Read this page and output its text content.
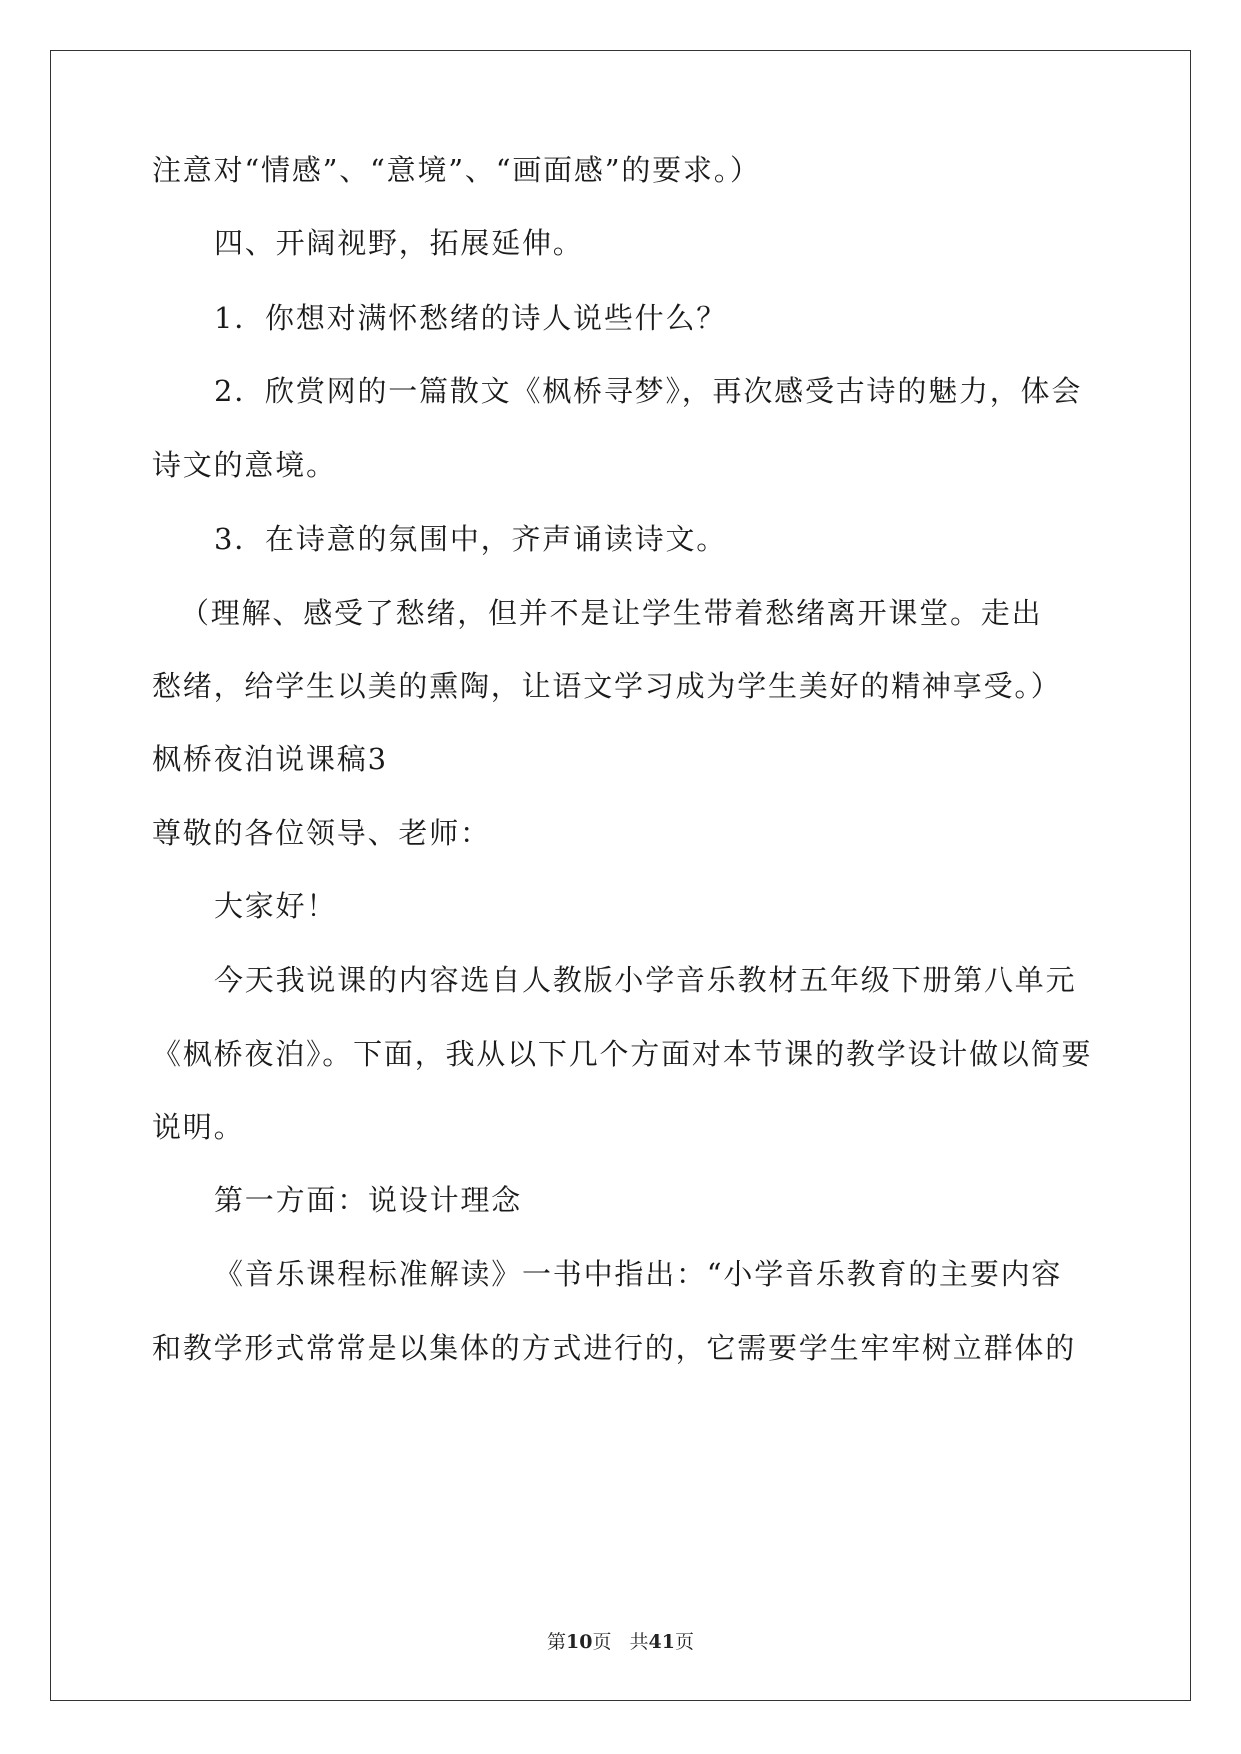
注意对“情感”、“意境”、“画面感”的要求。）
四、开阔视野，拓展延伸。
1．你想对满怀愁绪的诗人说些什么？
2．欣赏网的一篇散文《枫桥寻梦》，再次感受古诗的魅力，体会
诗文的意境。
3．在诗意的氛围中，齐声诵读诗文。
（理解、感受了愁绪，但并不是让学生带着愁绪离开课堂。走出
愁绪，给学生以美的熏陶，让语文学习成为学生美好的精神享受。）
枫桥夜泊说课稿3
尊敬的各位领导、老师：
大家好！
今天我说课的内容选自人教版小学音乐教材五年级下册第八单元
《枫桥夜泊》。下面，我从以下几个方面对本节课的教学设计做以简要
说明。
第一方面：说设计理念
《音乐课程标准解读》一书中指出：“小学音乐教育的主要内容
和教学形式常常是以集体的方式进行的，它需要学生牢牢树立群体的
第10页 共41页
